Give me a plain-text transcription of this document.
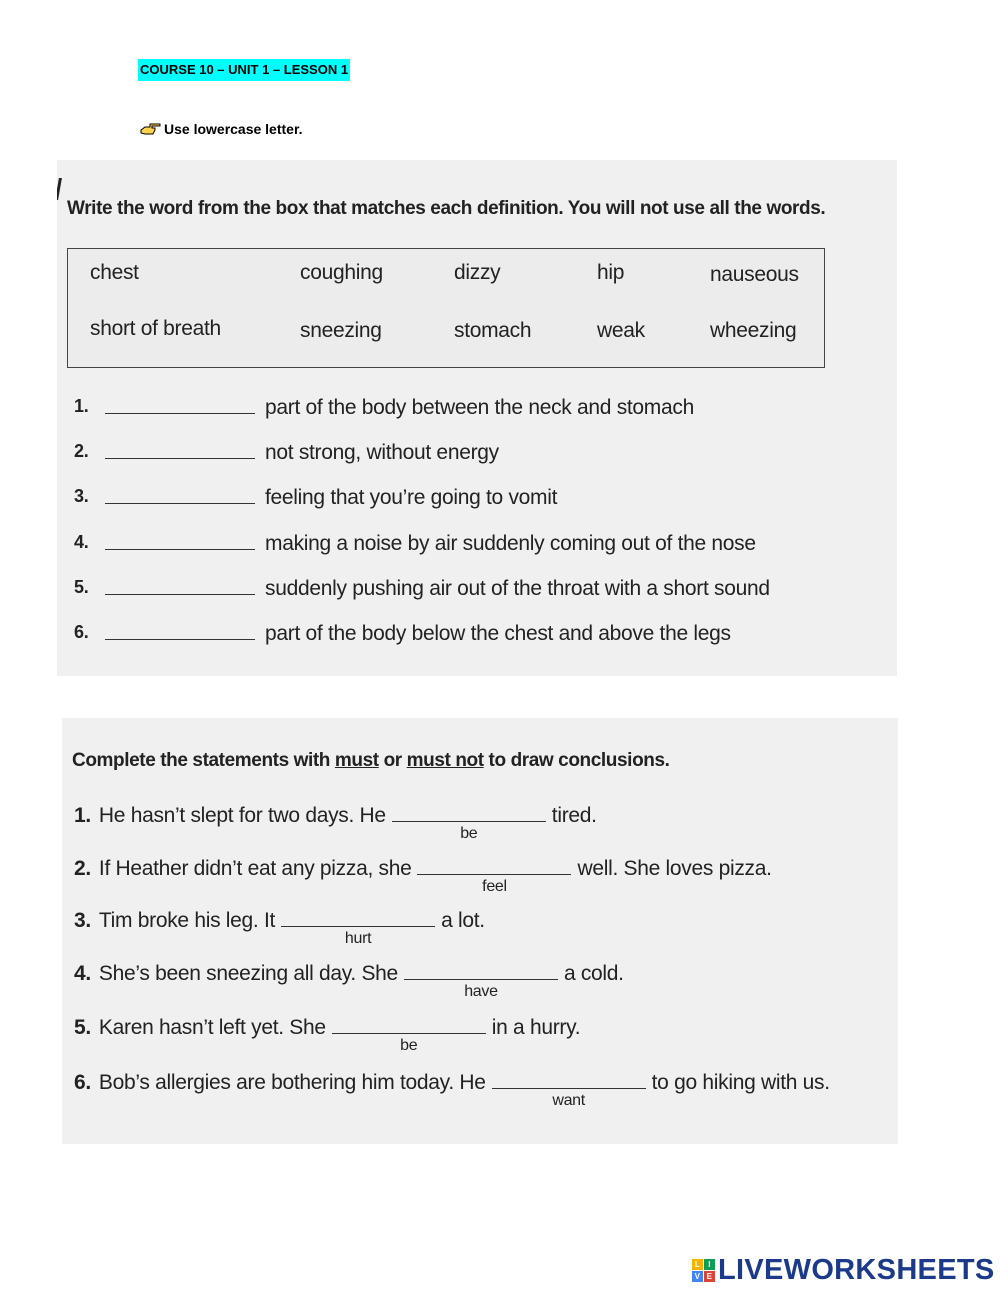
COURSE 10 – UNIT 1 – LESSON 1
Use lowercase letter.
Write the word from the box that matches each definition. You will not use all the words.
chest	coughing	dizzy	hip	nauseous
short of breath	sneezing	stomach	weak	wheezing
1.	part of the body between the neck and stomach
2.	not strong, without energy
3.	feeling that you’re going to vomit
4.	making a noise by air suddenly coming out of the nose
5.	suddenly pushing air out of the throat with a short sound
6.	part of the body below the chest and above the legs
Complete the statements with must or must not to draw conclusions.
1. He hasn’t slept for two days. He
be
tired.
2. If Heather didn’t eat any pizza, she
feel
well. She loves pizza.
3. Tim broke his leg. It
hurt
a lot.
4. She’s been sneezing all day. She
have
a cold.
5. Karen hasn’t left yet. She
be
in a hurry.
6. Bob’s allergies are bothering him today. He
want
to go hiking with us.
L	I
V E LIVEWORKSHEETS
